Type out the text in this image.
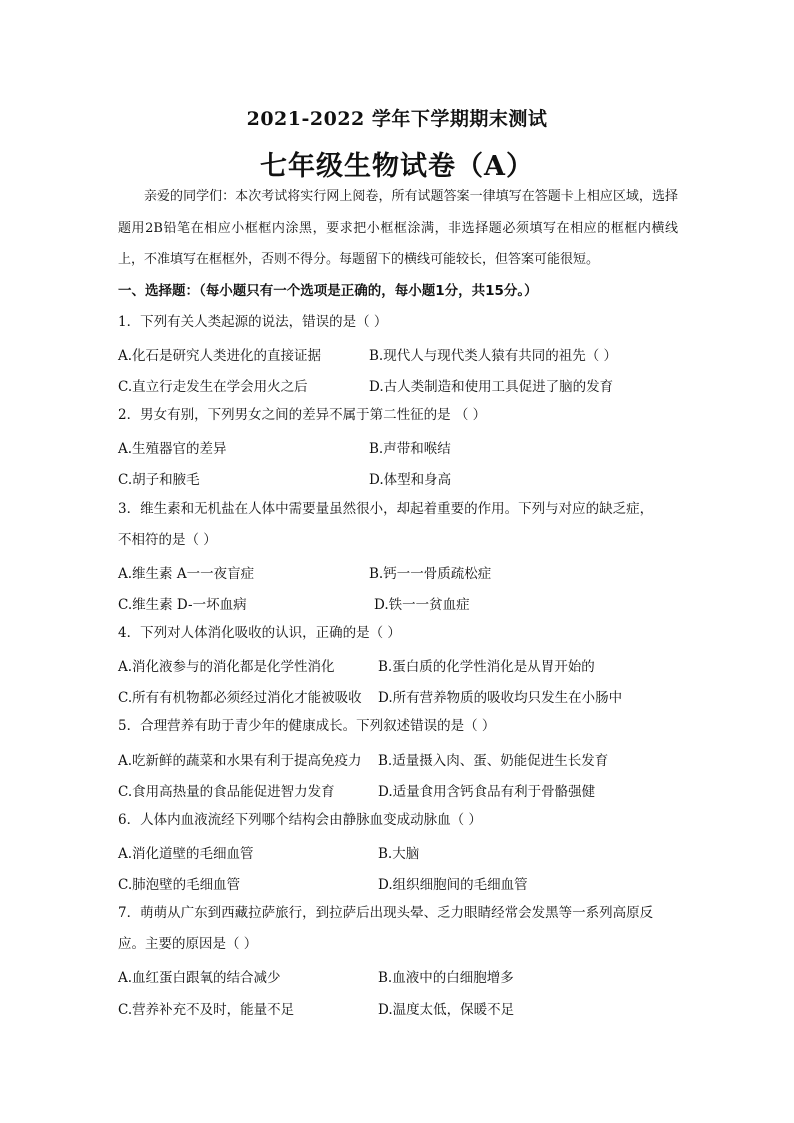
2021-2022 学年下学期期末测试
七年级生物试卷（A）
亲爱的同学们：本次考试将实行网上阅卷，所有试题答案一律填写在答题卡上相应区域，选择题用2B铅笔在相应小框框内涂黑，要求把小框框涂满，非选择题必须填写在相应的框框内横线上，不准填写在框框外，否则不得分。每题留下的横线可能较长，但答案可能很短。
一、选择题：（每小题只有一个选项是正确的，每小题1分，共15分。）
1．下列有关人类起源的说法，错误的是（ ）
A.化石是研究人类进化的直接证据	B.现代人与现代类人猿有共同的祖先（ ）
C.直立行走发生在学会用火之后	D.古人类制造和使用工具促进了脑的发育
2．男女有别，下列男女之间的差异不属于第二性征的是 （ ）
A.生殖器官的差异	B.声带和喉结
C.胡子和腋毛	D.体型和身高
3．维生素和无机盐在人体中需要量虽然很小，却起着重要的作用。下列与对应的缺乏症，
不相符的是（ ）
A.维生素 A一一夜盲症	B.钙一一骨质疏松症
C.维生素 D-一坏血病	D.铁一一贫血症
4．下列对人体消化吸收的认识，正确的是（ ）
A.消化液参与的消化都是化学性消化	B.蛋白质的化学性消化是从胃开始的
C.所有有机物都必须经过消化才能被吸收 D.所有营养物质的吸收均只发生在小肠中
5．合理营养有助于青少年的健康成长。下列叙述错误的是（ ）
A.吃新鲜的蔬菜和水果有利于提高免疫力 B.适量摄入肉、蛋、奶能促进生长发育
C.食用高热量的食品能促进智力发育	D.适量食用含钙食品有利于骨骼强健
6．人体内血液流经下列哪个结构会由静脉血变成动脉血（ ）
A.消化道壁的毛细血管	B.大脑
C.肺泡壁的毛细血管	D.组织细胞间的毛细血管
7．萌萌从广东到西藏拉萨旅行，到拉萨后出现头晕、乏力眼睛经常会发黑等一系列高原反
应。主要的原因是（ ）
A.血红蛋白跟氧的结合减少	B.血液中的白细胞增多
C.营养补充不及时，能量不足	D.温度太低，保暖不足
